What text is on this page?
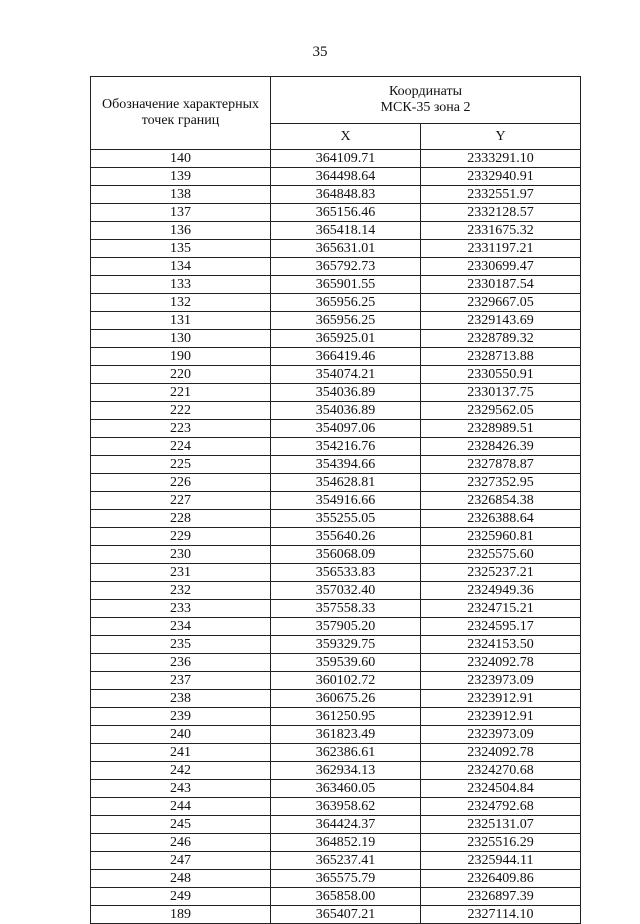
35
Обозначение характерных
точек границ	Координаты
МСК-35 зона 2	

	X	Y
140	364109.71	2333291.10
139	364498.64	2332940.91
138	364848.83	2332551.97
137	365156.46	2332128.57
136	365418.14	2331675.32
135	365631.01	2331197.21
134	365792.73	2330699.47
133	365901.55	2330187.54
132	365956.25	2329667.05
131	365956.25	2329143.69
130	365925.01	2328789.32
190	366419.46	2328713.88
220	354074.21	2330550.91
221	354036.89	2330137.75
222	354036.89	2329562.05
223	354097.06	2328989.51
224	354216.76	2328426.39
225	354394.66	2327878.87
226	354628.81	2327352.95
227	354916.66	2326854.38
228	355255.05	2326388.64
229	355640.26	2325960.81
230	356068.09	2325575.60
231	356533.83	2325237.21
232	357032.40	2324949.36
233	357558.33	2324715.21
234	357905.20	2324595.17
235	359329.75	2324153.50
236	359539.60	2324092.78
237	360102.72	2323973.09
238	360675.26	2323912.91
239	361250.95	2323912.91
240	361823.49	2323973.09
241	362386.61	2324092.78
242	362934.13	2324270.68
243	363460.05	2324504.84
244	363958.62	2324792.68
245	364424.37	2325131.07
246	364852.19	2325516.29
247	365237.41	2325944.11
248	365575.79	2326409.86
249	365858.00	2326897.39
189	365407.21	2327114.10
